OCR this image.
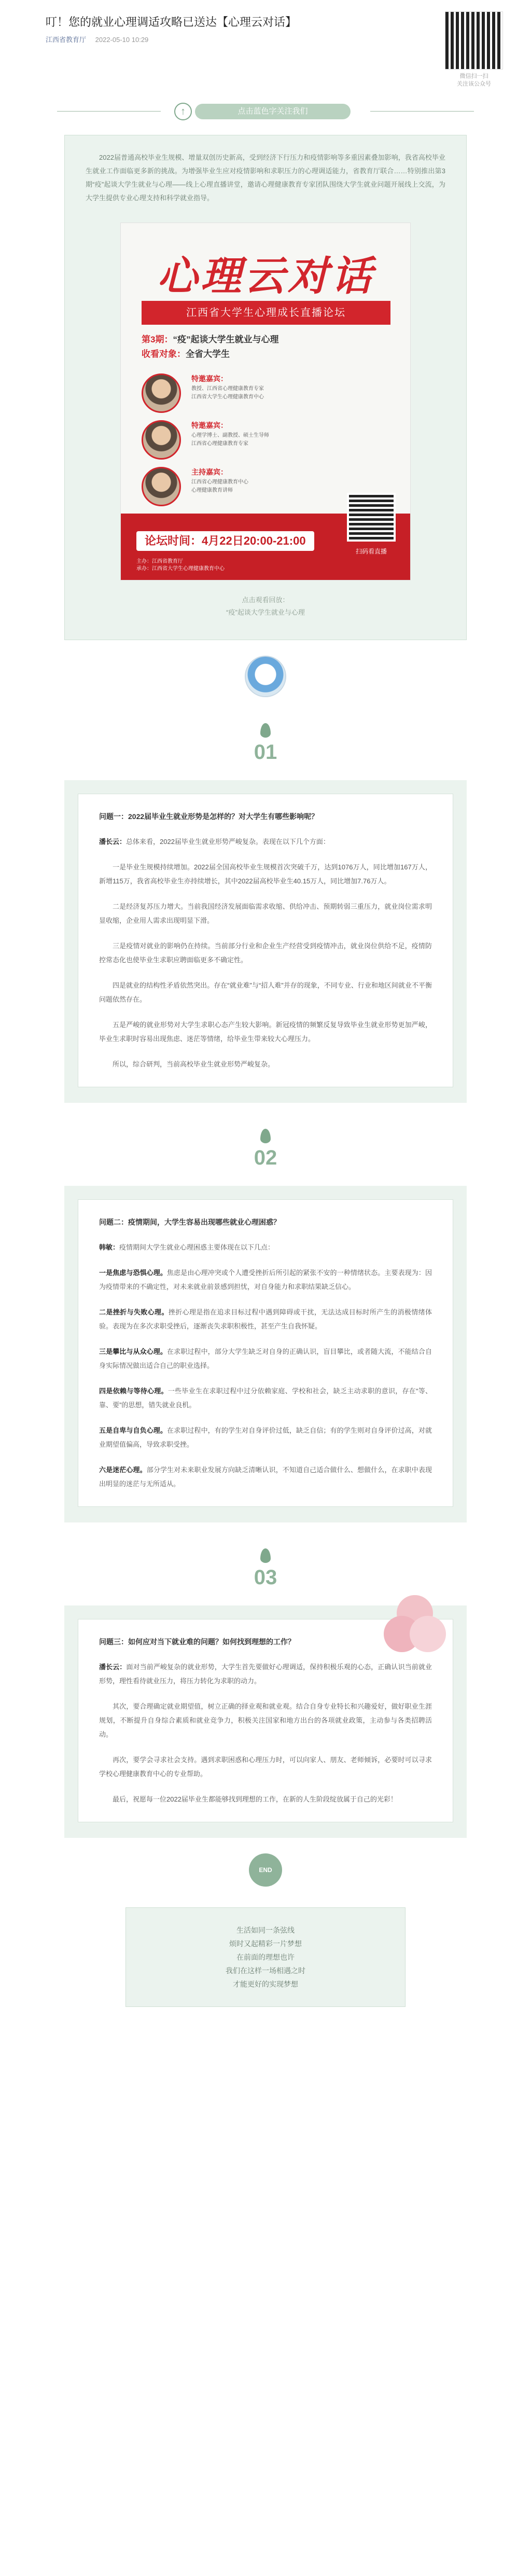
叮！您的就业心理调适攻略已送达【心理云对话】
江西省教育厅 2022-05-10 10:29
微信扫一扫
关注该公众号
↑	点击蓝色字关注我们

2022届普通高校毕业生规模、增量双创历史新高，受到经济下行压力和疫情影响等多重因素叠加影响，我省高校毕业生就业工作面临更多新的挑战。为增强毕业生应对疫情影响和求职压力的心理调适能力，省教育厅联合……特别推出第3期“疫”起谈大学生就业与心理——线上心理直播讲堂，邀请心理健康教育专家团队围绕大学生就业问题开展线上交流，为大学生提供专业心理支持和科学就业指导。

心理云对话
江西省大学生心理成长直播论坛
第3期：“疫”起谈大学生就业与心理
收看对象：全省大学生
特邀嘉宾：
教授、江西省心理健康教育专家
江西省大学生心理健康教育中心
特邀嘉宾：
心理学博士、副教授、硕士生导师
江西省心理健康教育专家
主持嘉宾：
江西省心理健康教育中心
心理健康教育讲师
论坛时间：4月22日20:00-21:00
主办：江西省教育厅
承办：江西省大学生心理健康教育中心
扫码看直播
点击观看回放：
“疫”起谈大学生就业与心理
01
问题一：2022届毕业生就业形势是怎样的？对大学生有哪些影响呢？

潘长云：总体来看，2022届毕业生就业形势严峻复杂。表现在以下几个方面：

一是毕业生规模持续增加。2022届全国高校毕业生规模首次突破千万，达到1076万人，同比增加167万人，新增115万，我省高校毕业生亦持续增长，其中2022届高校毕业生40.15万人，同比增加7.76万人。

二是经济复苏压力增大。当前我国经济发展面临需求收缩、供给冲击、预期转弱三重压力，就业岗位需求明显收缩，企业用人需求出现明显下滑。

三是疫情对就业的影响仍在持续。当前部分行业和企业生产经营受到疫情冲击，就业岗位供给不足，疫情防控常态化也使毕业生求职应聘面临更多不确定性。

四是就业的结构性矛盾依然突出。存在“就业难”与“招人难”并存的现象，不同专业、行业和地区间就业不平衡问题依然存在。

五是严峻的就业形势对大学生求职心态产生较大影响。新冠疫情的频繁反复导致毕业生就业形势更加严峻，毕业生求职时容易出现焦虑、迷茫等情绪，给毕业生带来较大心理压力。

所以，综合研判，当前高校毕业生就业形势严峻复杂。

02
问题二：疫情期间，大学生容易出现哪些就业心理困惑？

韩敏：疫情期间大学生就业心理困惑主要体现在以下几点：

一是焦虑与恐惧心理。焦虑是由心理冲突或个人遭受挫折后所引起的紧张不安的一种情绪状态。主要表现为：因为疫情带来的不确定性，对未来就业前景感到担忧，对自身能力和求职结果缺乏信心。

二是挫折与失败心理。挫折心理是指在追求目标过程中遇到障碍或干扰，无法达成目标时所产生的消极情绪体验。表现为在多次求职受挫后，逐渐丧失求职积极性，甚至产生自我怀疑。

三是攀比与从众心理。在求职过程中，部分大学生缺乏对自身的正确认识，盲目攀比，或者随大流，不能结合自身实际情况做出适合自己的职业选择。

四是依赖与等待心理。一些毕业生在求职过程中过分依赖家庭、学校和社会，缺乏主动求职的意识，存在“等、靠、要”的思想，错失就业良机。

五是自卑与自负心理。在求职过程中，有的学生对自身评价过低，缺乏自信；有的学生则对自身评价过高，对就业期望值偏高，导致求职受挫。

六是迷茫心理。部分学生对未来职业发展方向缺乏清晰认识，不知道自己适合做什么、想做什么，在求职中表现出明显的迷茫与无所适从。

03
问题三：如何应对当下就业难的问题？如何找到理想的工作？

潘长云：面对当前严峻复杂的就业形势，大学生首先要做好心理调适，保持积极乐观的心态，正确认识当前就业形势，理性看待就业压力，将压力转化为求职的动力。

其次，要合理确定就业期望值，树立正确的择业观和就业观。结合自身专业特长和兴趣爱好，做好职业生涯规划，不断提升自身综合素质和就业竞争力，积极关注国家和地方出台的各项就业政策，主动参与各类招聘活动。

再次，要学会寻求社会支持。遇到求职困惑和心理压力时，可以向家人、朋友、老师倾诉，必要时可以寻求学校心理健康教育中心的专业帮助。

最后，祝愿每一位2022届毕业生都能够找到理想的工作，在新的人生阶段绽放属于自己的光彩！

END
生活如同一条弦线
烦时又起精彩一片梦想
在前面的理想也许
我们在这样一场相遇之时
才能更好的实现梦想
